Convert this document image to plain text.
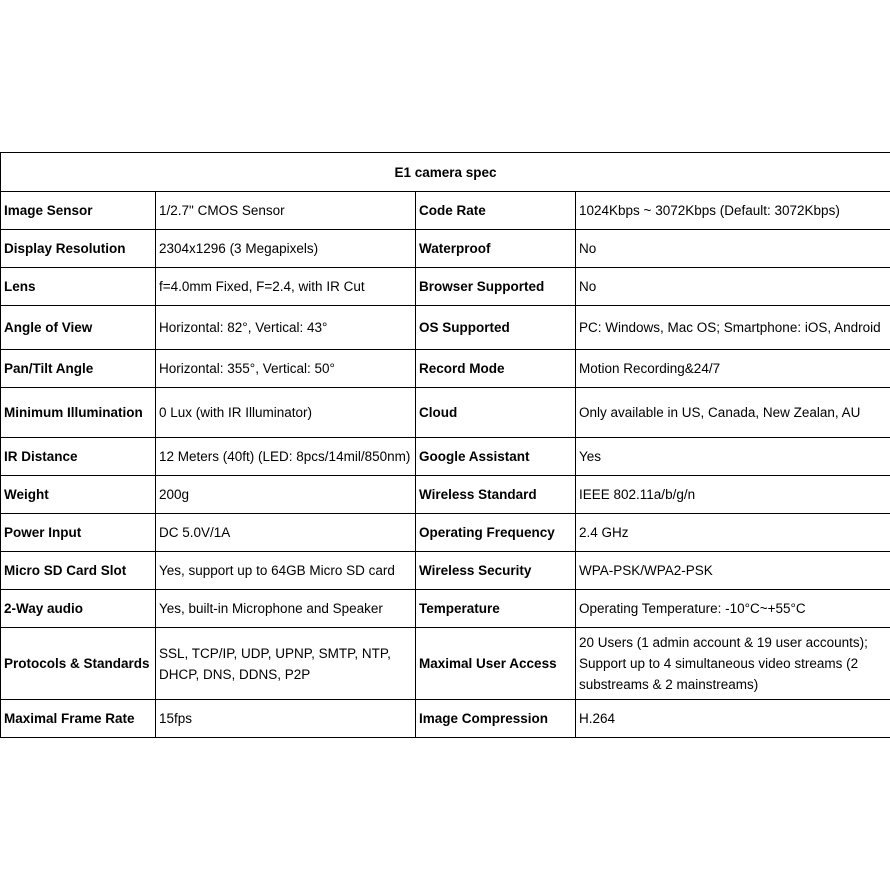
E1 camera spec			
Image Sensor	1/2.7" CMOS Sensor	Code Rate	1024Kbps ~ 3072Kbps (Default: 3072Kbps)
Display Resolution	2304x1296 (3 Megapixels)	Waterproof	No
Lens	f=4.0mm Fixed, F=2.4, with IR Cut	Browser Supported	No
Angle of View	Horizontal: 82°, Vertical: 43°	OS Supported	PC: Windows, Mac OS; Smartphone: iOS, Android
Pan/Tilt Angle	Horizontal: 355°, Vertical: 50°	Record Mode	Motion Recording&24/7
Minimum Illumination	0 Lux (with IR Illuminator)	Cloud	Only available in US, Canada, New Zealan, AU
IR Distance	12 Meters (40ft) (LED: 8pcs/14mil/850nm)	Google Assistant	Yes
Weight	200g	Wireless Standard	IEEE 802.11a/b/g/n
Power Input	DC 5.0V/1A	Operating Frequency	2.4 GHz
Micro SD Card Slot	Yes, support up to 64GB Micro SD card	Wireless Security	WPA-PSK/WPA2-PSK
2-Way audio	Yes, built-in Microphone and Speaker	Temperature	Operating Temperature: -10°C~+55°C
Protocols & Standards	SSL, TCP/IP, UDP, UPNP, SMTP, NTP, DHCP, DNS, DDNS, P2P	Maximal User Access	20 Users (1 admin account & 19 user accounts); Support up to 4 simultaneous video streams (2 substreams & 2 mainstreams)
Maximal Frame Rate	15fps	Image Compression	H.264
